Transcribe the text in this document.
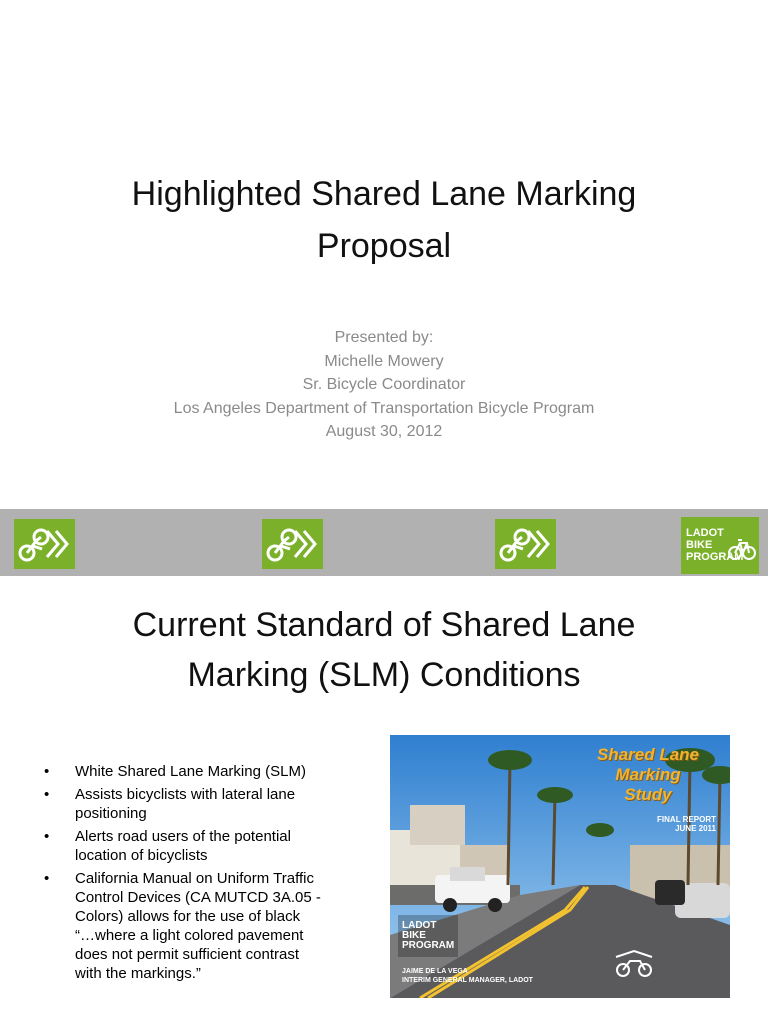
Highlighted Shared Lane Marking
Proposal
Presented by:
Michelle Mowery
Sr. Bicycle Coordinator
Los Angeles Department of Transportation Bicycle Program
August 30, 2012
LADOT
BIKE
PROGRAM
Current Standard of Shared Lane
Marking (SLM) Conditions
• White Shared Lane Marking (SLM)
• Assists bicyclists with lateral lane
positioning
• Alerts road users of the potential
location of bicyclists
• California Manual on Uniform Traffic
Control Devices (CA MUTCD 3A.05 -
Colors) allows for the use of black
“…where a light colored pavement
does not permit sufficient contrast
with the markings.”
Shared Lane
Marking
Study
FINAL REPORT
JUNE 2011
LADOT
BIKE
PROGRAM
JAIME DE LA VEGA
INTERIM GENERAL MANAGER, LADOT
